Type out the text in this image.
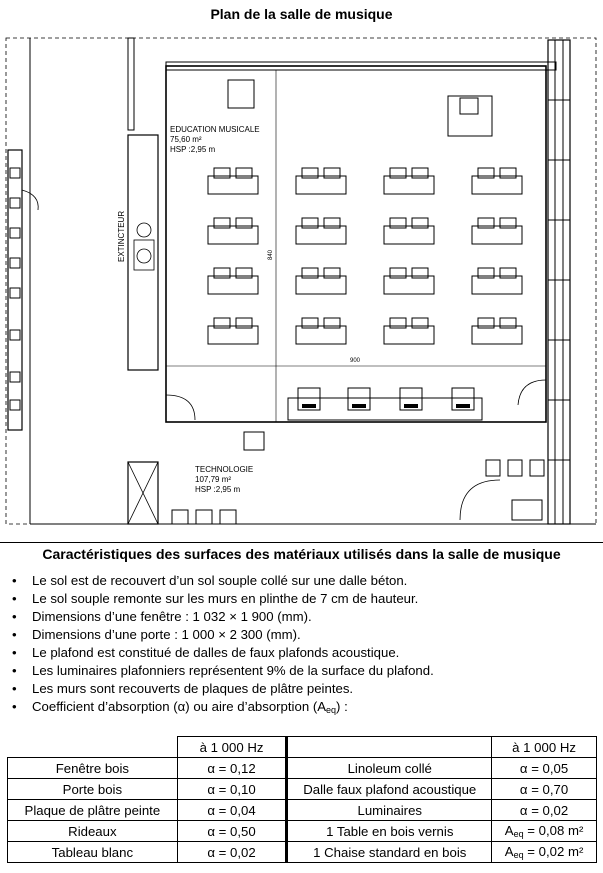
Plan de la salle de musique
EXTINCTEUR	840
900
EDUCATION MUSICALE
75,60 m²
HSP :2,95 m
TECHNOLOGIE
107,79 m²
HSP :2,95 m
Caractéristiques des surfaces des matériaux utilisés dans la salle de musique
• Le sol est de recouvert d’un sol souple collé sur une dalle béton.
• Le sol souple remonte sur les murs en plinthe de 7 cm de hauteur.
• Dimensions d’une fenêtre : 1 032 × 1 900 (mm).
• Dimensions d’une porte : 1 000 × 2 300 (mm).
• Le plafond est constitué de dalles de faux plafonds acoustique.
• Les luminaires plafonniers représentent 9% de la surface du plafond.
• Les murs sont recouverts de plaques de plâtre peintes.
• Coefficient d’absorption (α) ou aire d’absorption $(A_{eq})$ :
	à 1 000 Hz		à 1 000 Hz
Fenêtre bois	α = 0,12	Linoleum collé	α = 0,05
Porte bois	α = 0,10	Dalle faux plafond acoustique	α = 0,70
Plaque de plâtre peinte	α = 0,04	Luminaires	α = 0,02
Rideaux	α = 0,50	1 Table en bois vernis	$A_{eq} = 0,08$ m²
Tableau blanc	α = 0,02	1 Chaise standard en bois	$A_{eq} = 0,02$ m²
